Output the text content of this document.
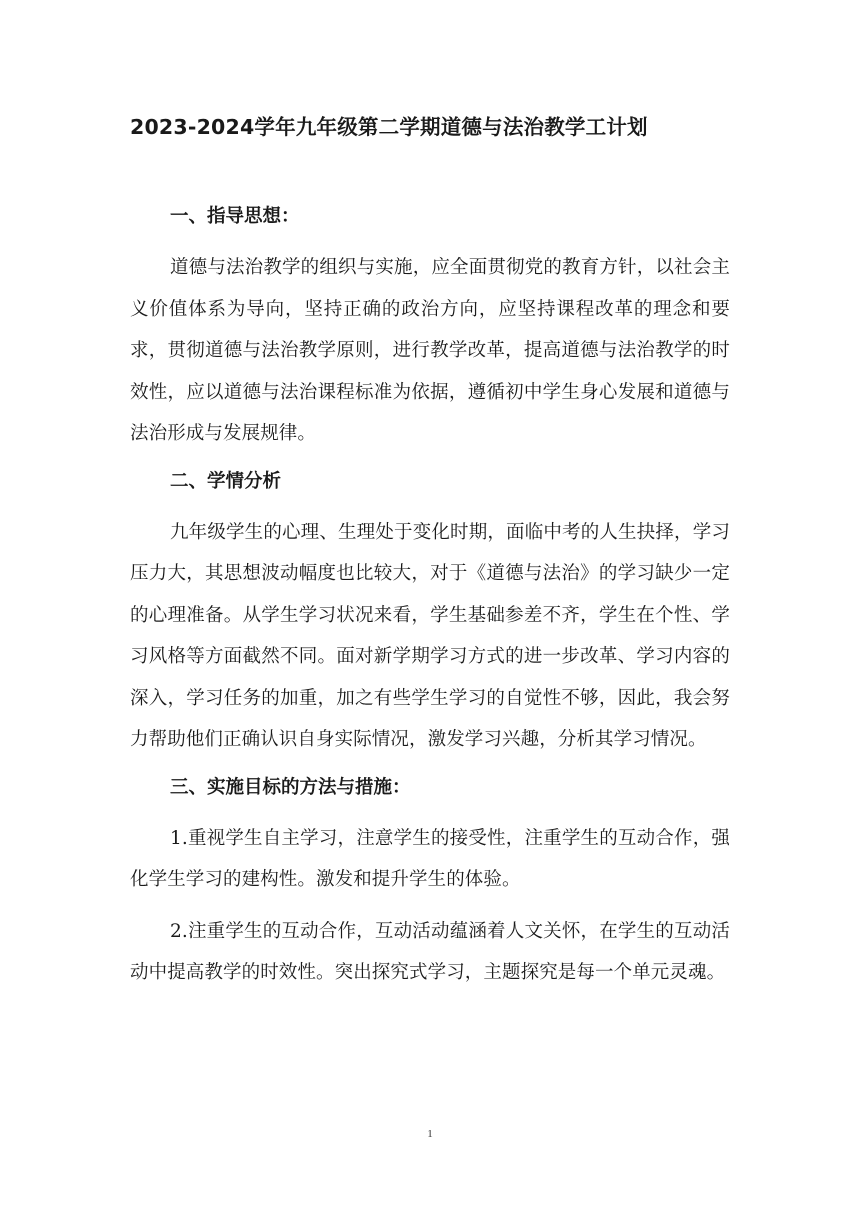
2023-2024学年九年级第二学期道德与法治教学工计划
一、指导思想：

道德与法治教学的组织与实施，应全面贯彻党的教育方针，以社会主义价值体系为导向，坚持正确的政治方向，应坚持课程改革的理念和要求，贯彻道德与法治教学原则，进行教学改革，提高道德与法治教学的时效性，应以道德与法治课程标准为依据，遵循初中学生身心发展和道德与法治形成与发展规律。

二、学情分析

九年级学生的心理、生理处于变化时期，面临中考的人生抉择，学习压力大，其思想波动幅度也比较大，对于《道德与法治》的学习缺少一定的心理准备。从学生学习状况来看，学生基础参差不齐，学生在个性、学习风格等方面截然不同。面对新学期学习方式的进一步改革、学习内容的深入，学习任务的加重，加之有些学生学习的自觉性不够，因此，我会努力帮助他们正确认识自身实际情况，激发学习兴趣，分析其学习情况。

三、实施目标的方法与措施：

1.重视学生自主学习，注意学生的接受性，注重学生的互动合作，强化学生学习的建构性。激发和提升学生的体验。

2.注重学生的互动合作，互动活动蕴涵着人文关怀，在学生的互动活动中提高教学的时效性。突出探究式学习，主题探究是每一个单元灵魂。

1
